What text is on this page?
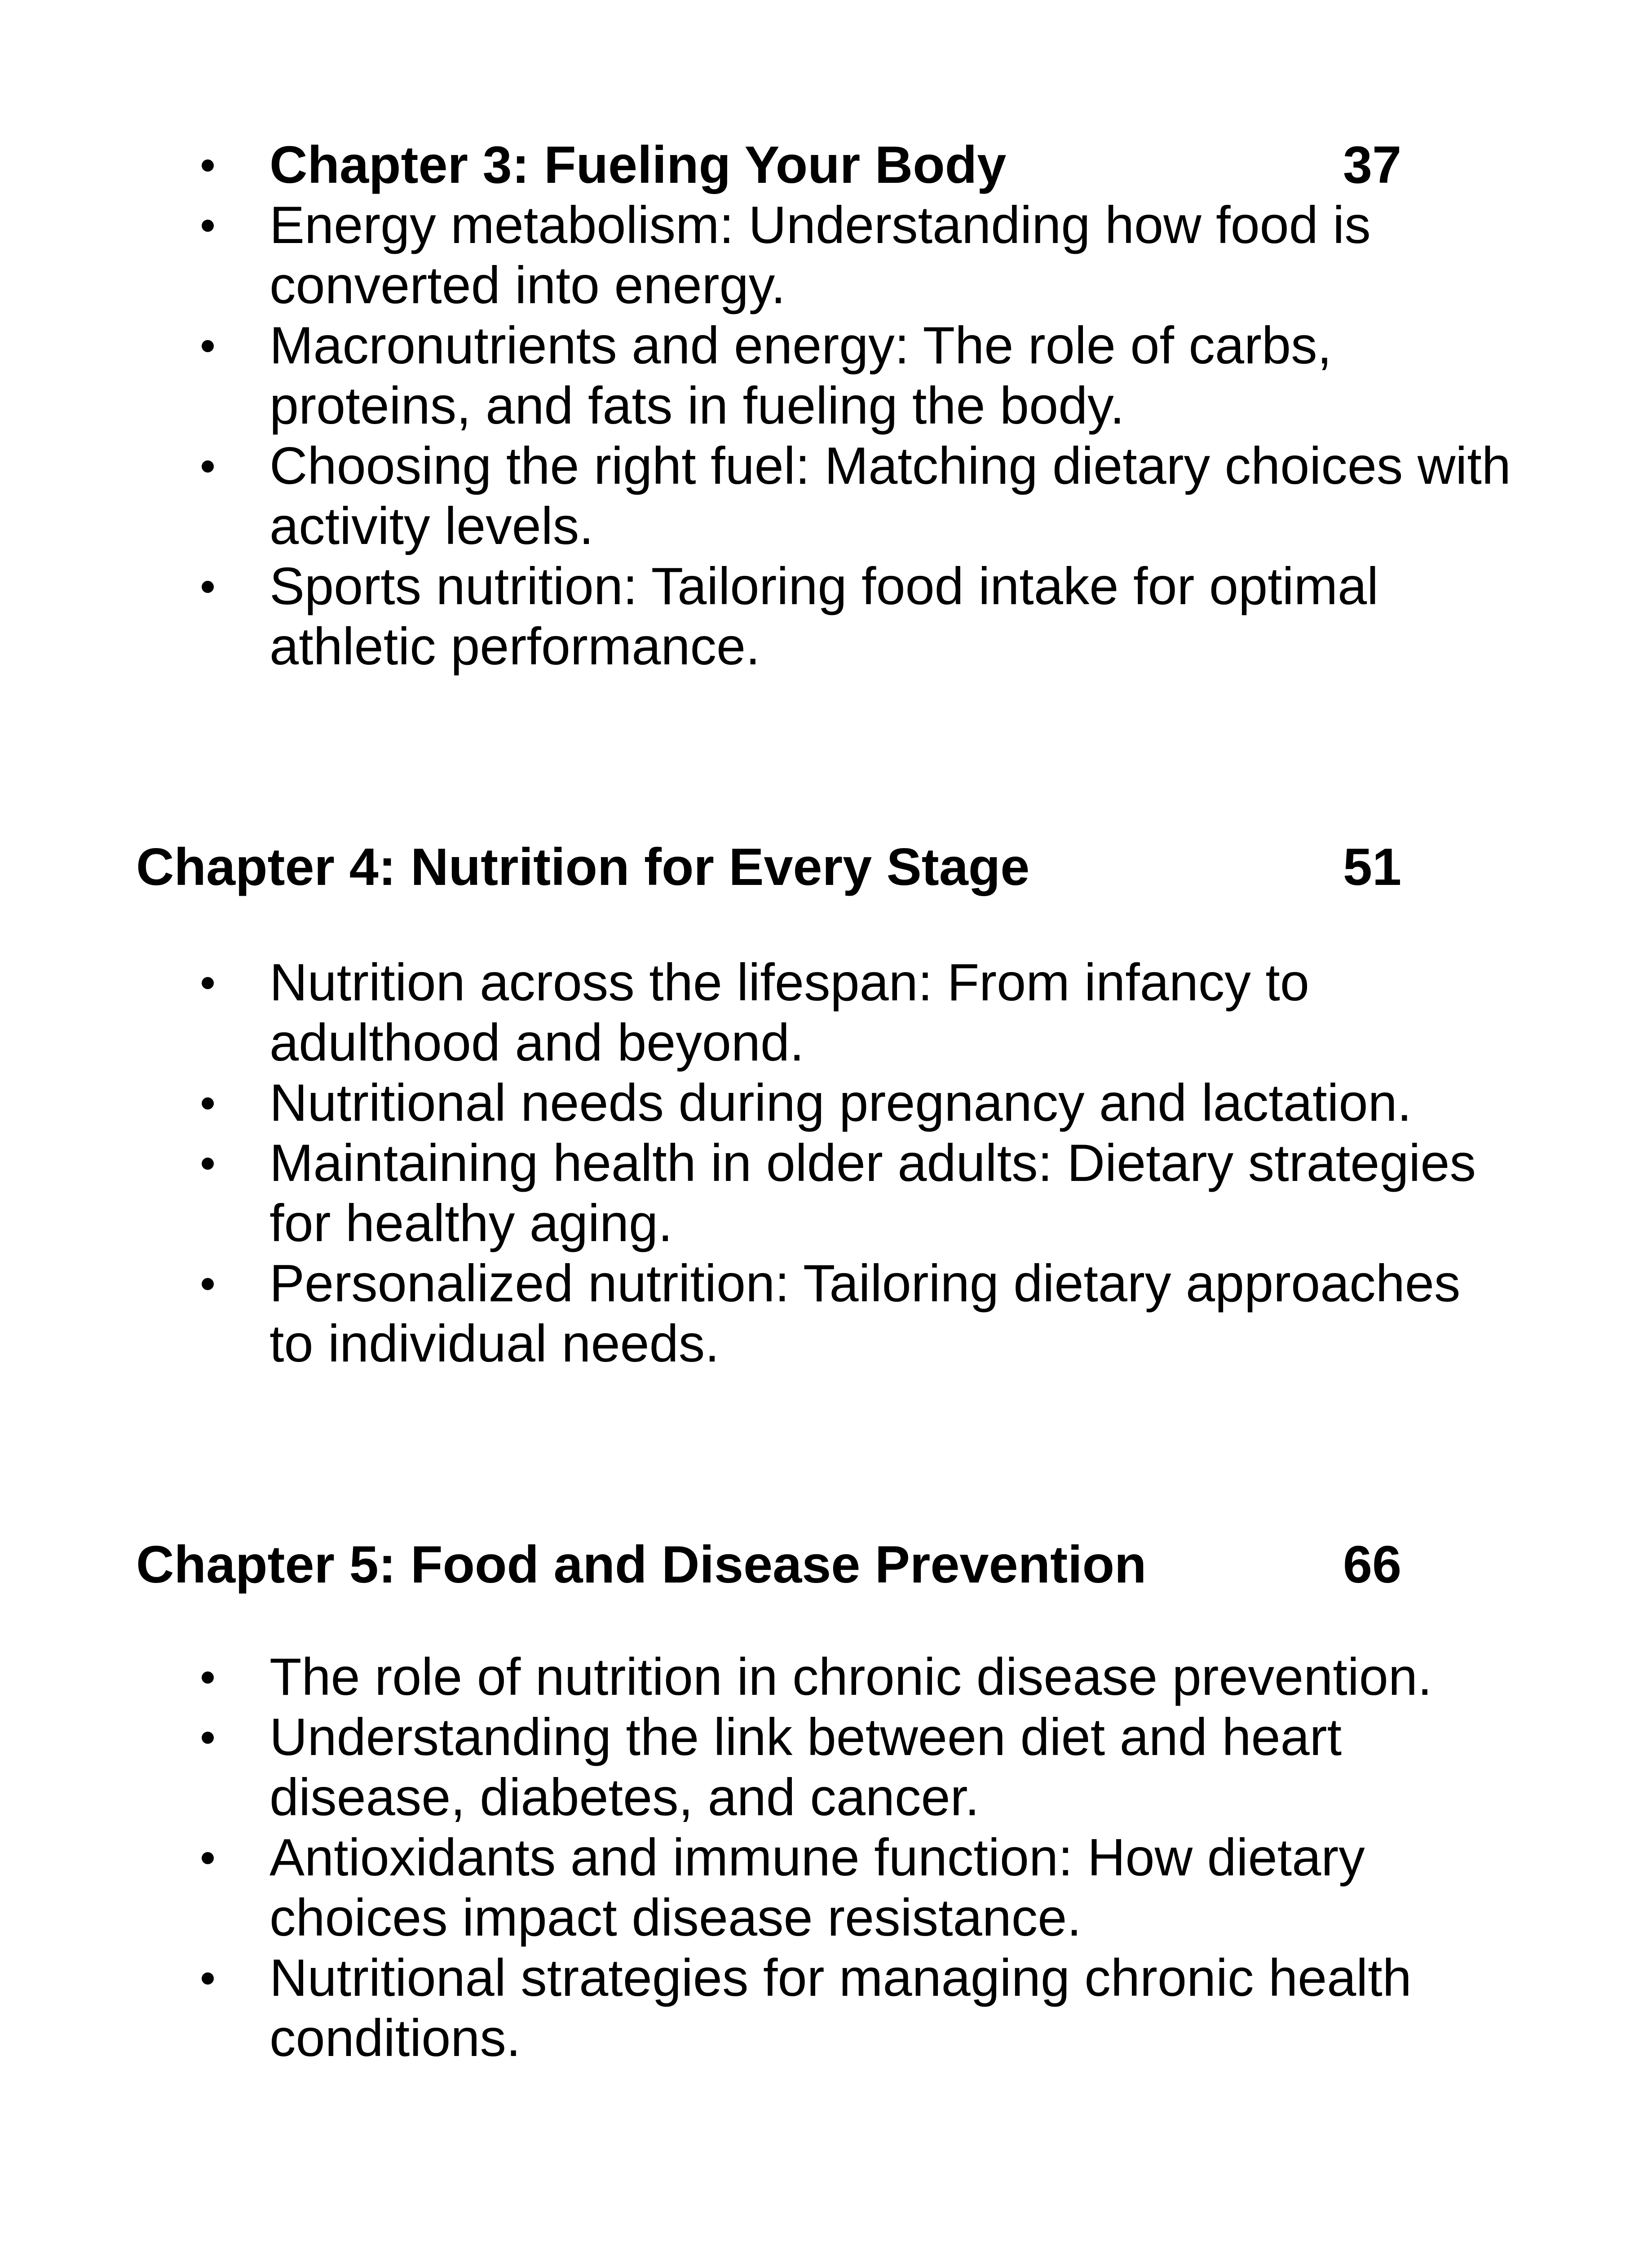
Chapter 3: Fueling Your Body	37
Energy metabolism: Understanding how food is converted into energy.
Macronutrients and energy: The role of carbs, proteins, and fats in fueling the body.
Choosing the right fuel: Matching dietary choices with activity levels.
Sports nutrition: Tailoring food intake for optimal athletic performance.
Chapter 4: Nutrition for Every Stage	51
Nutrition across the lifespan: From infancy to adulthood and beyond.
Nutritional needs during pregnancy and lactation.
Maintaining health in older adults: Dietary strategies for healthy aging.
Personalized nutrition: Tailoring dietary approaches to individual needs.
Chapter 5: Food and Disease Prevention	66
The role of nutrition in chronic disease prevention.
Understanding the link between diet and heart disease, diabetes, and cancer.
Antioxidants and immune function: How dietary choices impact disease resistance.
Nutritional strategies for managing chronic health conditions.
